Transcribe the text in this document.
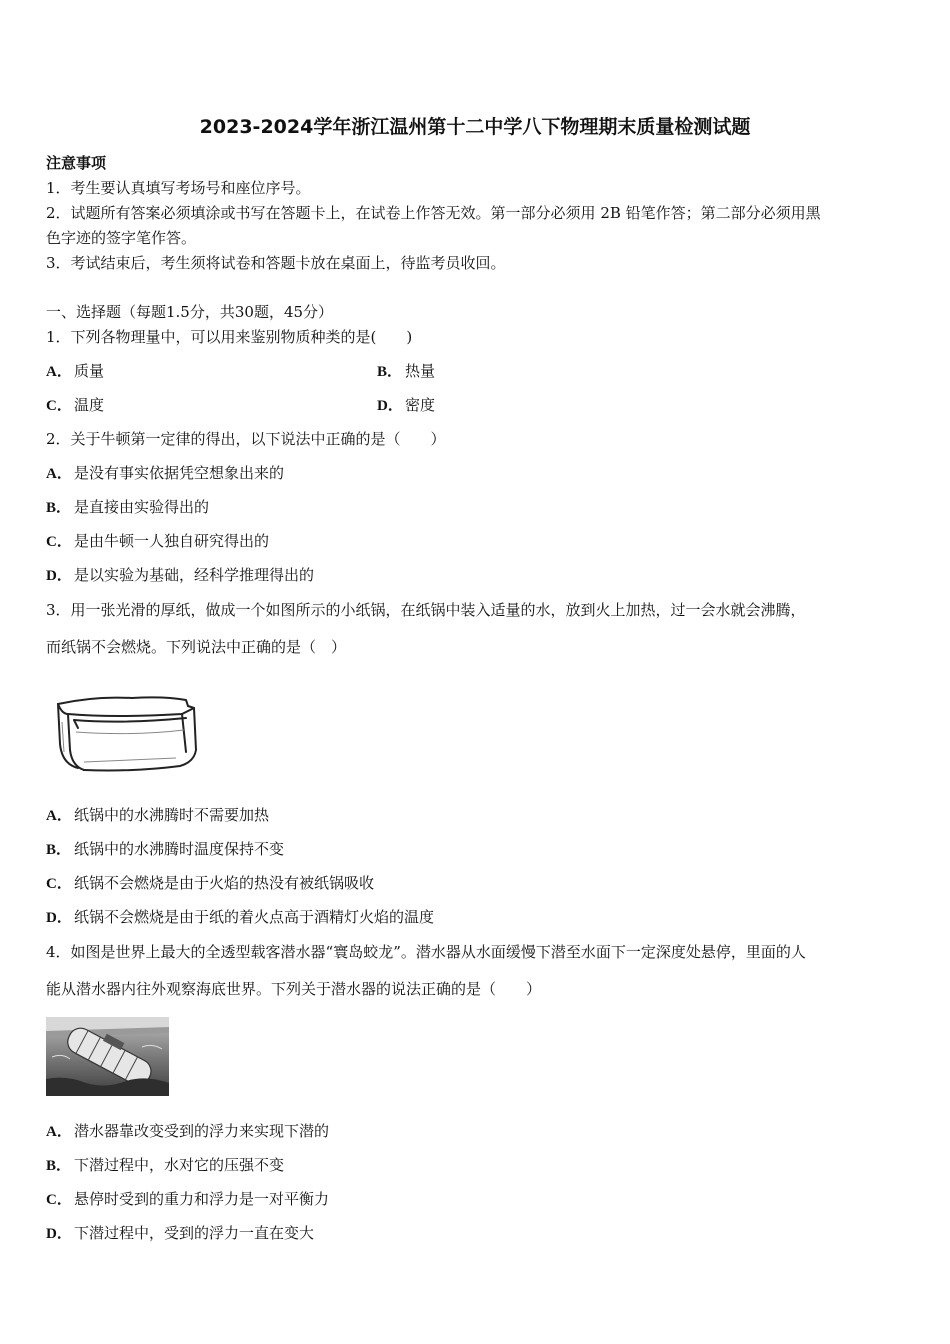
2023-2024学年浙江温州第十二中学八下物理期末质量检测试题
注意事项
1．考生要认真填写考场号和座位序号。
2．试题所有答案必须填涂或书写在答题卡上，在试卷上作答无效。第一部分必须用 2B 铅笔作答；第二部分必须用黑
色字迹的签字笔作答。
3．考试结束后，考生须将试卷和答题卡放在桌面上，待监考员收回。
一、选择题（每题1.5分，共30题，45分）
1．下列各物理量中，可以用来鉴别物质种类的是(　　)
A． 质量	B． 热量
C． 温度	D． 密度
2．关于牛顿第一定律的得出，以下说法中正确的是（　　）
A． 是没有事实依据凭空想象出来的
B． 是直接由实验得出的
C． 是由牛顿一人独自研究得出的
D． 是以实验为基础，经科学推理得出的
3．用一张光滑的厚纸，做成一个如图所示的小纸锅，在纸锅中装入适量的水，放到火上加热，过一会水就会沸腾，
而纸锅不会燃烧。下列说法中正确的是（　）
A． 纸锅中的水沸腾时不需要加热
B． 纸锅中的水沸腾时温度保持不变
C． 纸锅不会燃烧是由于火焰的热没有被纸锅吸收
D． 纸锅不会燃烧是由于纸的着火点高于酒精灯火焰的温度
4．如图是世界上最大的全透型载客潜水器“寰岛蛟龙”。潜水器从水面缓慢下潜至水面下一定深度处悬停，里面的人
能从潜水器内往外观察海底世界。下列关于潜水器的说法正确的是（　　）
A． 潜水器靠改变受到的浮力来实现下潜的
B． 下潜过程中，水对它的压强不变
C． 悬停时受到的重力和浮力是一对平衡力
D． 下潜过程中，受到的浮力一直在变大
